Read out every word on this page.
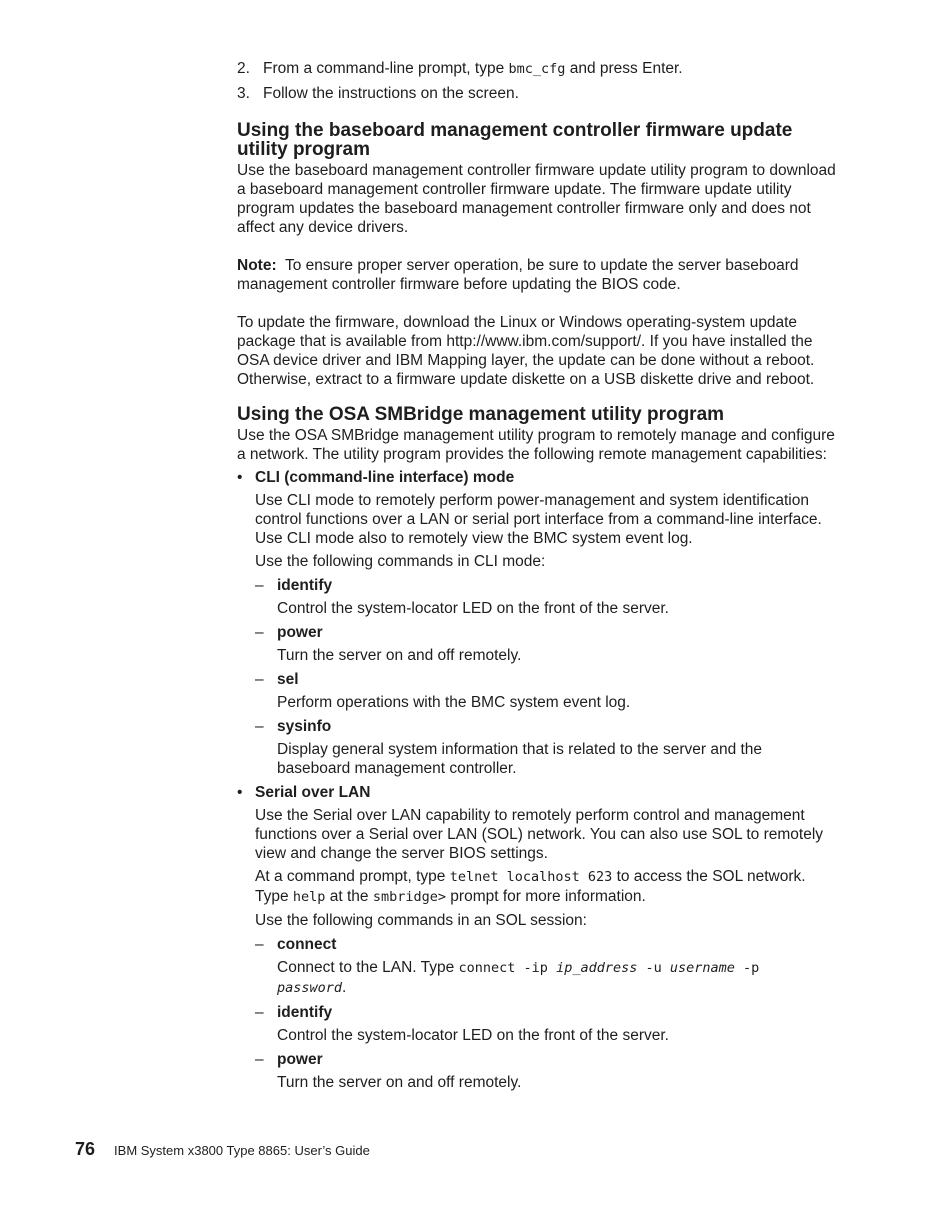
2. From a command-line prompt, type bmc_cfg and press Enter.
3. Follow the instructions on the screen.
Using the baseboard management controller firmware update utility program

Use the baseboard management controller firmware update utility program to download a baseboard management controller firmware update. The firmware update utility program updates the baseboard management controller firmware only and does not affect any device drivers.

Note: To ensure proper server operation, be sure to update the server baseboard management controller firmware before updating the BIOS code.

To update the firmware, download the Linux or Windows operating-system update package that is available from http://www.ibm.com/support/. If you have installed the OSA device driver and IBM Mapping layer, the update can be done without a reboot. Otherwise, extract to a firmware update diskette on a USB diskette drive and reboot.

Using the OSA SMBridge management utility program

Use the OSA SMBridge management utility program to remotely manage and configure a network. The utility program provides the following remote management capabilities:

• CLI (command-line interface) mode

Use CLI mode to remotely perform power-management and system identification control functions over a LAN or serial port interface from a command-line interface. Use CLI mode also to remotely view the BMC system event log.

Use the following commands in CLI mode:

– identify

Control the system-locator LED on the front of the server.

– power

Turn the server on and off remotely.

– sel

Perform operations with the BMC system event log.

– sysinfo

Display general system information that is related to the server and the baseboard management controller.

• Serial over LAN

Use the Serial over LAN capability to remotely perform control and management functions over a Serial over LAN (SOL) network. You can also use SOL to remotely view and change the server BIOS settings.

At a command prompt, type telnet localhost 623 to access the SOL network. Type help at the smbridge> prompt for more information.

Use the following commands in an SOL session:

– connect

Connect to the LAN. Type connect -ip ip_address -u username -p
password.

– identify

Control the system-locator LED on the front of the server.

– power

Turn the server on and off remotely.

76 IBM System x3800 Type 8865: User’s Guide
